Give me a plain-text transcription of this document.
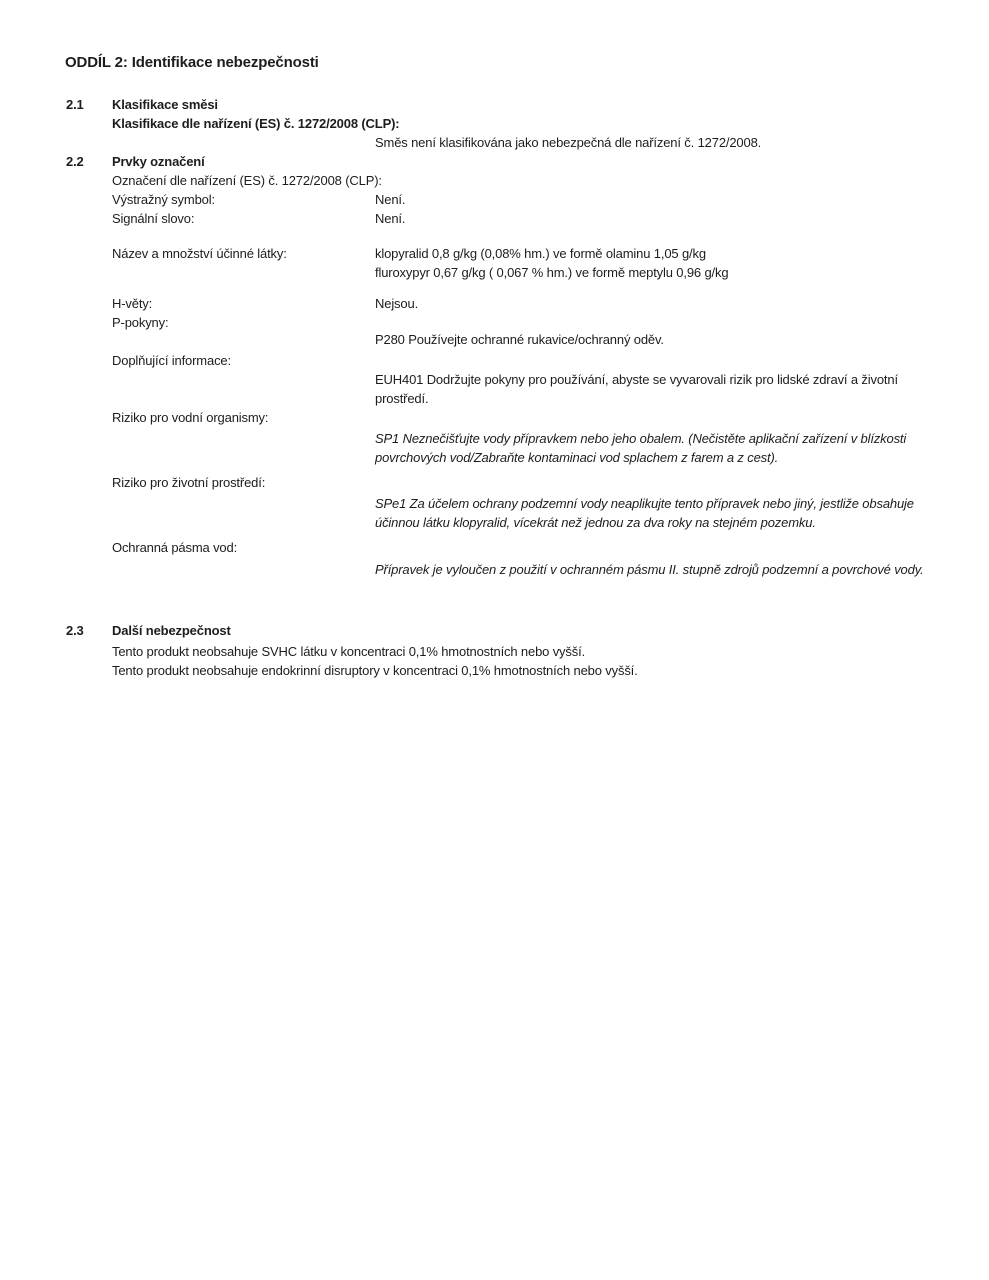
ODDÍL 2: Identifikace nebezpečnosti
2.1 Klasifikace směsi
Klasifikace dle nařízení (ES) č. 1272/2008 (CLP):
Směs není klasifikována jako nebezpečná dle nařízení č. 1272/2008.
2.2 Prvky označení
Označení dle nařízení (ES) č. 1272/2008 (CLP):
Výstražný symbol:	Není.
Signální slovo:	Není.
Název a množství účinné látky:	klopyralid 0,8 g/kg (0,08% hm.) ve formě olaminu 1,05 g/kg
fluroxypyr 0,67 g/kg ( 0,067 % hm.) ve formě meptylu 0,96 g/kg
H-věty:	Nejsou.
P-pokyny:
P280 Používejte ochranné rukavice/ochranný oděv.
Doplňující informace:
EUH401 Dodržujte pokyny pro používání, abyste se vyvarovali rizik pro lidské zdraví a životní prostředí.
Riziko pro vodní organismy:
SP1 Neznečišťujte vody přípravkem nebo jeho obalem. (Nečistěte aplikační zařízení v blízkosti povrchových vod/Zabraňte kontaminaci vod splachem z farem a z cest).
Riziko pro životní prostředí:
SPe1 Za účelem ochrany podzemní vody neaplikujte tento přípravek nebo jiný, jestliže obsahuje účinnou látku klopyralid, vícekrát než jednou za dva roky na stejném pozemku.
Ochranná pásma vod:
Přípravek je vyloučen z použití v ochranném pásmu II. stupně zdrojů podzemní a povrchové vody.
2.3 Další nebezpečnost
Tento produkt neobsahuje SVHC látku v koncentraci 0,1% hmotnostních nebo vyšší.
Tento produkt neobsahuje endokrinní disruptory v koncentraci 0,1% hmotnostních nebo vyšší.
